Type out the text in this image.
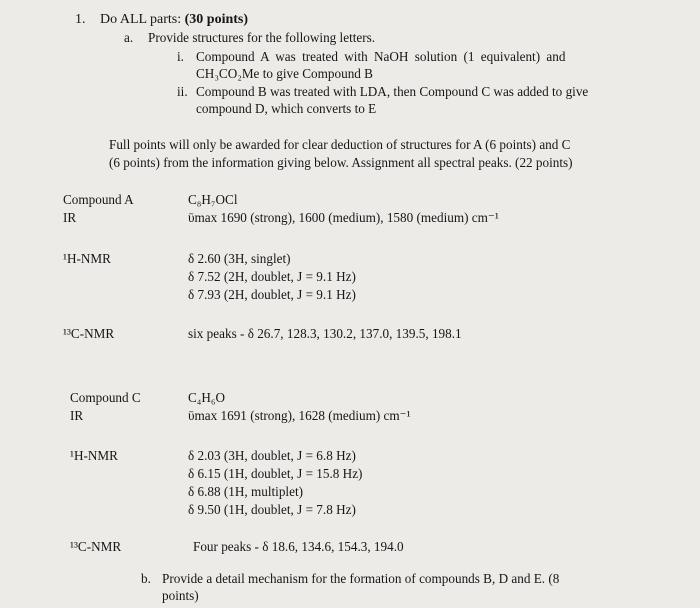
1. Do ALL parts: (30 points)
a. Provide structures for the following letters.
i. Compound A was treated with NaOH solution (1 equivalent) and
CH₃CO₂Me to give Compound B
ii. Compound B was treated with LDA, then Compound C was added to give
compound D, which converts to E
Full points will only be awarded for clear deduction of structures for A (6 points) and C
(6 points) from the information giving below. Assignment all spectral peaks. (22 points)
Compound A	C₈H₇OCl
IR	ῡmax 1690 (strong), 1600 (medium), 1580 (medium) cm⁻¹
¹H-NMR	δ 2.60 (3H, singlet)
δ 7.52 (2H, doublet, J = 9.1 Hz)
δ 7.93 (2H, doublet, J = 9.1 Hz)
¹³C-NMR	six peaks - δ 26.7, 128.3, 130.2, 137.0, 139.5, 198.1
Compound C	C₄H₆O
IR	ῡmax 1691 (strong), 1628 (medium) cm⁻¹
¹H-NMR	δ 2.03 (3H, doublet, J = 6.8 Hz)
δ 6.15 (1H, doublet, J = 15.8 Hz)
δ 6.88 (1H, multiplet)
δ 9.50 (1H, doublet, J = 7.8 Hz)
¹³C-NMR	Four peaks - δ 18.6, 134.6, 154.3, 194.0
b. Provide a detail mechanism for the formation of compounds B, D and E. (8
points)
